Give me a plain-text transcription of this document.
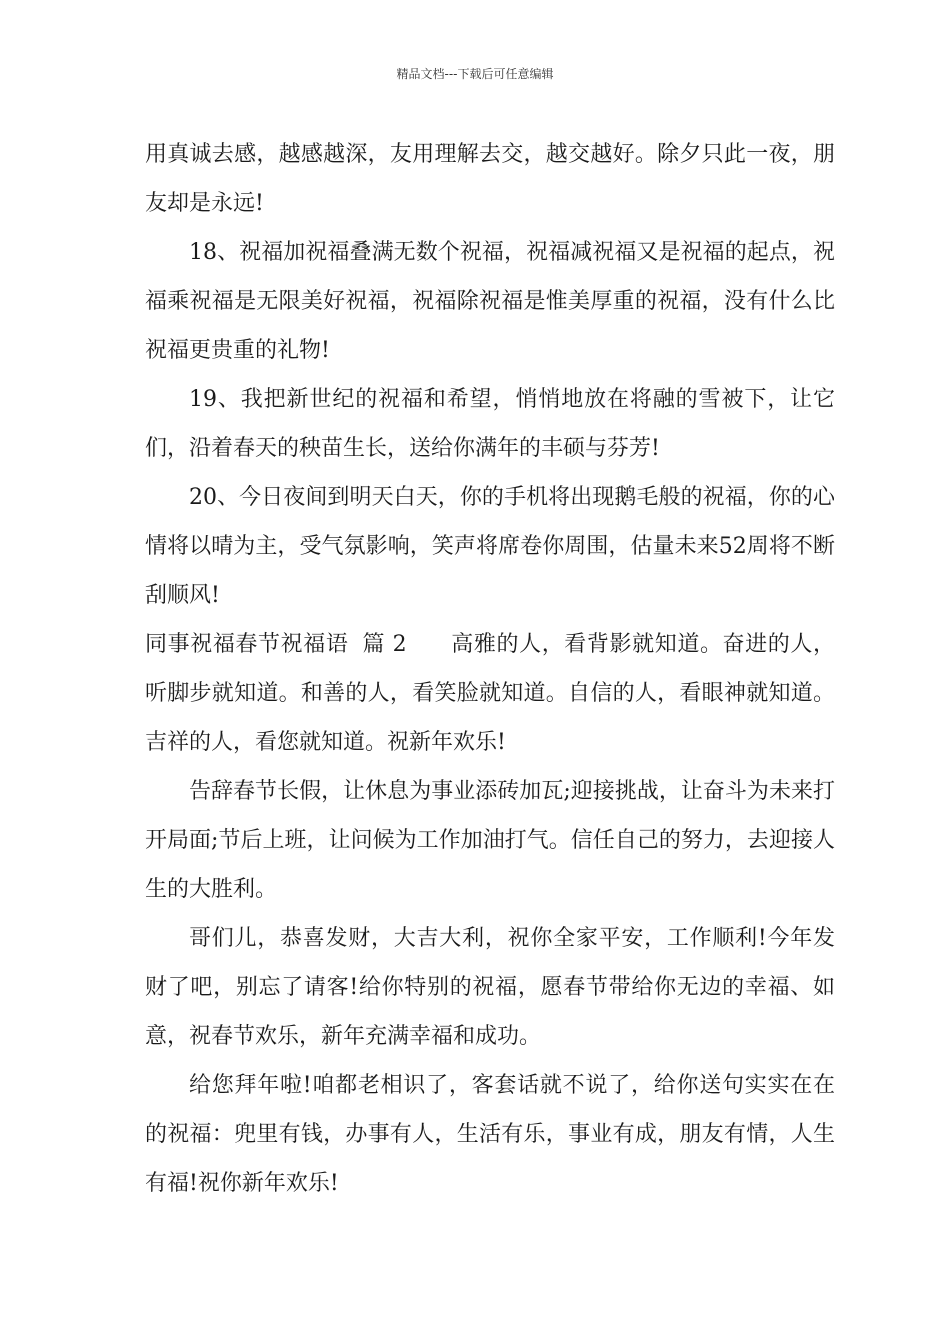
精品文档---下载后可任意编辑

用真诚去感，越感越深，友用理解去交，越交越好。除夕只此一夜，朋友却是永远!

18、祝福加祝福叠满无数个祝福，祝福减祝福又是祝福的起点，祝福乘祝福是无限美好祝福，祝福除祝福是惟美厚重的祝福，没有什么比祝福更贵重的礼物!

19、我把新世纪的祝福和希望，悄悄地放在将融的雪被下，让它们，沿着春天的秧苗生长，送给你满年的丰硕与芬芳!

20、今日夜间到明天白天，你的手机将出现鹅毛般的祝福，你的心情将以晴为主，受气氛影响，笑声将席卷你周围，估量未来52周将不断刮顺风!

同事祝福春节祝福语 篇 2 高雅的人，看背影就知道。奋进的人，听脚步就知道。和善的人，看笑脸就知道。自信的人，看眼神就知道。吉祥的人，看您就知道。祝新年欢乐!

告辞春节长假，让休息为事业添砖加瓦;迎接挑战，让奋斗为未来打开局面;节后上班，让问候为工作加油打气。信任自己的努力，去迎接人生的大胜利。

哥们儿，恭喜发财，大吉大利，祝你全家平安，工作顺利!今年发财了吧，别忘了请客!给你特别的祝福，愿春节带给你无边的幸福、如意，祝春节欢乐，新年充满幸福和成功。

给您拜年啦!咱都老相识了，客套话就不说了，给你送句实实在在的祝福：兜里有钱，办事有人，生活有乐，事业有成，朋友有情，人生有福!祝你新年欢乐!
